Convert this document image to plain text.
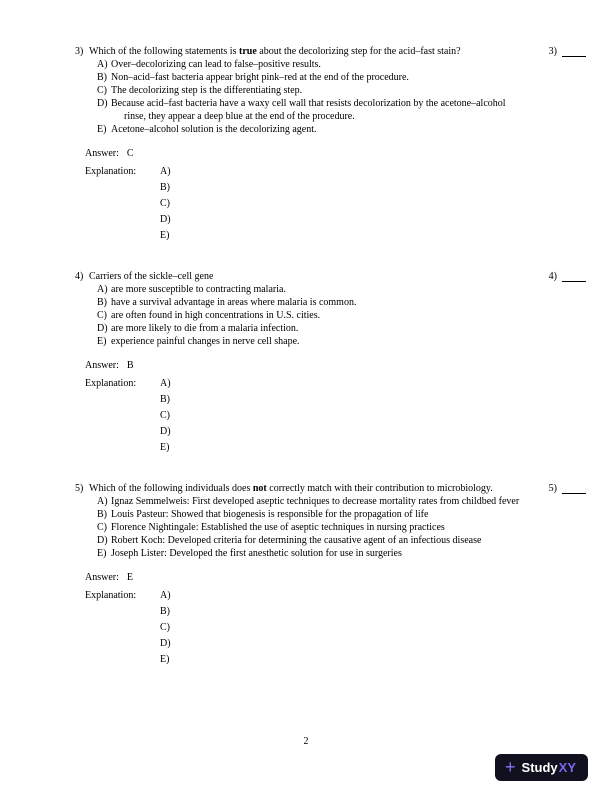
3) Which of the following statements is true about the decolorizing step for the acid–fast stain?
A) Over–decolorizing can lead to false–positive results.
B) Non–acid–fast bacteria appear bright pink–red at the end of the procedure.
C) The decolorizing step is the differentiating step.
D) Because acid–fast bacteria have a waxy cell wall that resists decolorization by the acetone–alcohol rinse, they appear a deep blue at the end of the procedure.
E) Acetone–alcohol solution is the decolorizing agent.
Answer: C
Explanation:	A)
B)
C)
D)
E)
3)
4) Carriers of the sickle–cell gene
A) are more susceptible to contracting malaria.
B) have a survival advantage in areas where malaria is common.
C) are often found in high concentrations in U.S. cities.
D) are more likely to die from a malaria infection.
E) experience painful changes in nerve cell shape.
Answer: B
Explanation:	A)
B)
C)
D)
E)
4)
5) Which of the following individuals does not correctly match with their contribution to microbiology.
A) Ignaz Semmelweis: First developed aseptic techniques to decrease mortality rates from childbed fever
B) Louis Pasteur: Showed that biogenesis is responsible for the propagation of life
C) Florence Nightingale: Established the use of aseptic techniques in nursing practices
D) Robert Koch: Developed criteria for determining the causative agent of an infectious disease
E) Joseph Lister: Developed the first anesthetic solution for use in surgeries
Answer: E
Explanation:	A)
B)
C)
D)
E)
5)
2
+ Study XY
